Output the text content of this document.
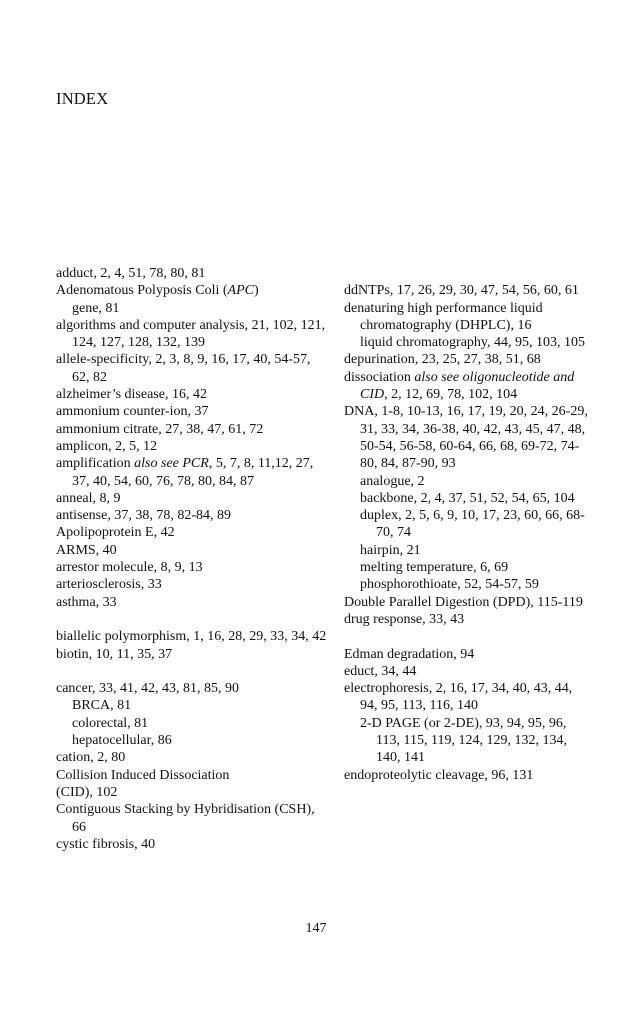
INDEX
adduct, 2, 4, 51, 78, 80, 81
Adenomatous Polyposis Coli (APC)
gene, 81
algorithms and computer analysis, 21, 102, 121, 124, 127, 128, 132, 139
allele-specificity, 2, 3, 8, 9, 16, 17, 40, 54-57, 62, 82
alzheimer’s disease, 16, 42
ammonium counter-ion, 37
ammonium citrate, 27, 38, 47, 61, 72
amplicon, 2, 5, 12
amplification also see PCR, 5, 7, 8, 11,12, 27, 37, 40, 54, 60, 76, 78, 80, 84, 87
anneal, 8, 9
antisense, 37, 38, 78, 82-84, 89
Apolipoprotein E, 42
ARMS, 40
arrestor molecule, 8, 9, 13
arteriosclerosis, 33
asthma, 33
biallelic polymorphism, 1, 16, 28, 29, 33, 34, 42
biotin, 10, 11, 35, 37
cancer, 33, 41, 42, 43, 81, 85, 90
BRCA, 81
colorectal, 81
hepatocellular, 86
cation, 2, 80
Collision Induced Dissociation
(CID), 102
Contiguous Stacking by Hybridisation (CSH), 66
cystic fibrosis, 40
ddNTPs, 17, 26, 29, 30, 47, 54, 56, 60, 61
denaturing high performance liquid chromatography (DHPLC), 16
liquid chromatography, 44, 95, 103, 105
depurination, 23, 25, 27, 38, 51, 68
dissociation also see oligonucleotide and CID, 2, 12, 69, 78, 102, 104
DNA, 1-8, 10-13, 16, 17, 19, 20, 24, 26-29, 31, 33, 34, 36-38, 40, 42, 43, 45, 47, 48, 50-54, 56-58, 60-64, 66, 68, 69-72, 74-80, 84, 87-90, 93
analogue, 2
backbone, 2, 4, 37, 51, 52, 54, 65, 104
duplex, 2, 5, 6, 9, 10, 17, 23, 60, 66, 68-70, 74
hairpin, 21
melting temperature, 6, 69
phosphorothioate, 52, 54-57, 59
Double Parallel Digestion (DPD), 115-119
drug response, 33, 43
Edman degradation, 94
educt, 34, 44
electrophoresis, 2, 16, 17, 34, 40, 43, 44, 94, 95, 113, 116, 140
2-D PAGE (or 2-DE), 93, 94, 95, 96, 113, 115, 119, 124, 129, 132, 134, 140, 141
endoproteolytic cleavage, 96, 131
147
